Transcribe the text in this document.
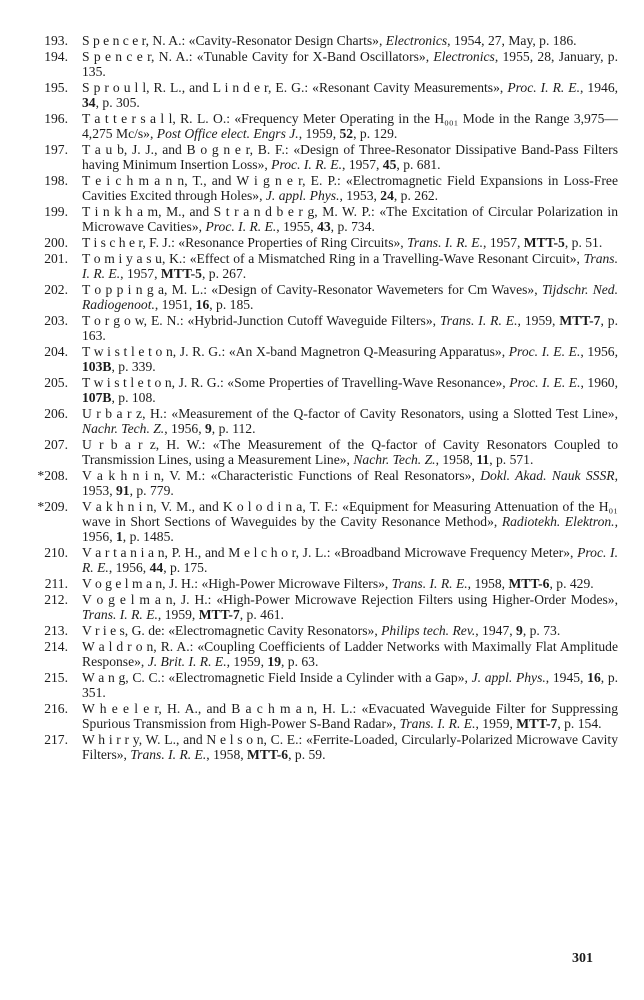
193. S p e n c e r, N. A.: «Cavity-Resonator Design Charts», Electronics, 1954, 27, May, p. 186.
194. S p e n c e r, N. A.: «Tunable Cavity for X-Band Oscillators», Electronics, 1955, 28, January, p. 135.
195. S p r o u l l, R. L., and L i n d e r, E. G.: «Resonant Cavity Measurements», Proc. I. R. E., 1946, 34, p. 305.
196. T a t t e r s a l l, R. L. O.: «Frequency Meter Operating in the H₀₀₁ Mode in the Range 3,975—4,275 Mc/s», Post Office elect. Engrs J., 1959, 52, p. 129.
197. T a u b, J. J., and B o g n e r, B. F.: «Design of Three-Resonator Dissipative Band-Pass Filters having Minimum Insertion Loss», Proc. I. R. E., 1957, 45, p. 681.
198. T e i c h m a n n, T., and W i g n e r, E. P.: «Electromagnetic Field Expansions in Loss-Free Cavities Excited through Holes», J. appl. Phys., 1953, 24, p. 262.
199. T i n k h a m, M., and S t r a n d b e r g, M. W. P.: «The Excitation of Circular Polarization in Microwave Cavities», Proc. I. R. E., 1955, 43, p. 734.
200. T i s c h e r, F. J.: «Resonance Properties of Ring Circuits», Trans. I. R. E., 1957, MTT-5, p. 51.
201. T o m i y a s u, K.: «Effect of a Mismatched Ring in a Travelling-Wave Resonant Circuit», Trans. I. R. E., 1957, MTT-5, p. 267.
202. T o p p i n g a, M. L.: «Design of Cavity-Resonator Wavemeters for Cm Waves», Tijdschr. Ned. Radiogenoot., 1951, 16, p. 185.
203. T o r g o w, E. N.: «Hybrid-Junction Cutoff Waveguide Filters», Trans. I. R. E., 1959, MTT-7, p. 163.
204. T w i s t l e t o n, J. R. G.: «An X-band Magnetron Q-Measuring Apparatus», Proc. I. E. E., 1956, 103B, p. 339.
205. T w i s t l e t o n, J. R. G.: «Some Properties of Travelling-Wave Resonance», Proc. I. E. E., 1960, 107B, p. 108.
206. U r b a r z, H.: «Measurement of the Q-factor of Cavity Resonators, using a Slotted Test Line», Nachr. Tech. Z., 1956, 9, p. 112.
207. U r b a r z, H. W.: «The Measurement of the Q-factor of Cavity Resonators Coupled to Transmission Lines, using a Measurement Line», Nachr. Tech. Z., 1958, 11, p. 571.
*208. V a k h n i n, V. M.: «Characteristic Functions of Real Resonators», Dokl. Akad. Nauk SSSR, 1953, 91, p. 779.
*209. V a k h n i n, V. M., and K o l o d i n a, T. F.: «Equipment for Measuring Attenuation of the H₀₁ wave in Short Sections of Waveguides by the Cavity Resonance Method», Radiotekh. Elektron., 1956, 1, p. 1485.
210. V a r t a n i a n, P. H., and M e l c h o r, J. L.: «Broadband Microwave Frequency Meter», Proc. I. R. E., 1956, 44, p. 175.
211. V o g e l m a n, J. H.: «High-Power Microwave Filters», Trans. I. R. E., 1958, MTT-6, p. 429.
212. V o g e l m a n, J. H.: «High-Power Microwave Rejection Filters using Higher-Order Modes», Trans. I. R. E., 1959, MTT-7, p. 461.
213. V r i e s, G. de: «Electromagnetic Cavity Resonators», Philips tech. Rev., 1947, 9, p. 73.
214. W a l d r o n, R. A.: «Coupling Coefficients of Ladder Networks with Maximally Flat Amplitude Response», J. Brit. I. R. E., 1959, 19, p. 63.
215. W a n g, C. C.: «Electromagnetic Field Inside a Cylinder with a Gap», J. appl. Phys., 1945, 16, p. 351.
216. W h e e l e r, H. A., and B a c h m a n, H. L.: «Evacuated Waveguide Filter for Suppressing Spurious Transmission from High-Power S-Band Radar», Trans. I. R. E., 1959, MTT-7, p. 154.
217. W h i r r y, W. L., and N e l s o n, C. E.: «Ferrite-Loaded, Circularly-Polarized Microwave Cavity Filters», Trans. I. R. E., 1958, MTT-6, p. 59.
301
